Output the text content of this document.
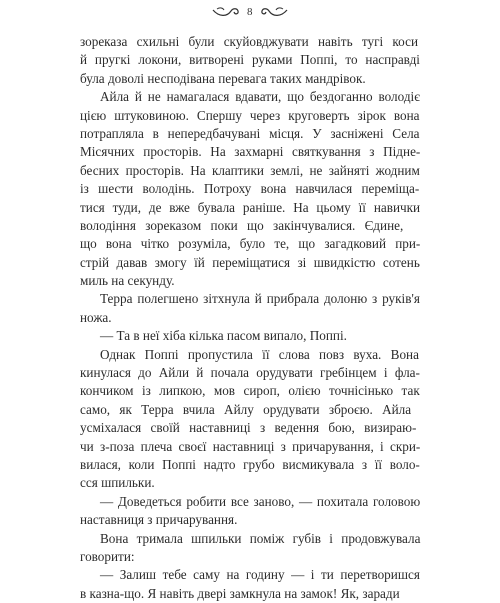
8
зореказа схильні були скуйовджувати навіть тугі коси
й пругкі локони, витворені руками Поппі, то насправді
була доволі несподівана перевага таких мандрівок.
Айла й не намагалася вдавати, що бездоганно володіє
цією штуковиною. Спершу через круговерть зірок вона
потрапляла в непередбачувані місця. У засніжені Села
Місячних просторів. На захмарні святкування з Підне-
бесних просторів. На клаптики землі, не зайняті жодним
із шести володінь. Потроху вона навчилася переміща-
тися туди, де вже бувала раніше. На цьому її навички
володіння зореказом поки що закінчувалися. Єдине,
що вона чітко розуміла, було те, що загадковий при-
стрій давав змогу їй переміщатися зі швидкістю сотень
миль на секунду.
Терра полегшено зітхнула й прибрала долоню з руків'я
ножа.
— Та в неї хіба кілька пасом випало, Поппі.
Однак Поппі пропустила її слова повз вуха. Вона
кинулася до Айли й почала орудувати гребінцем і фла-
кончиком із липкою, мов сироп, олією точнісінько так
само, як Терра вчила Айлу орудувати зброєю. Айла
усміхалася своїй наставниці з ведення бою, визираю-
чи з-поза плеча своєї наставниці з причарування, і скри-
вилася, коли Поппі надто грубо висмикувала з її воло-
сся шпильки.
— Доведеться робити все заново, — похитала головою
наставниця з причарування.
Вона тримала шпильки поміж губів і продовжувала
говорити:
— Залиш тебе саму на годину — і ти перетворишся
в казна-що. Я навіть двері замкнула на замок! Як, заради
